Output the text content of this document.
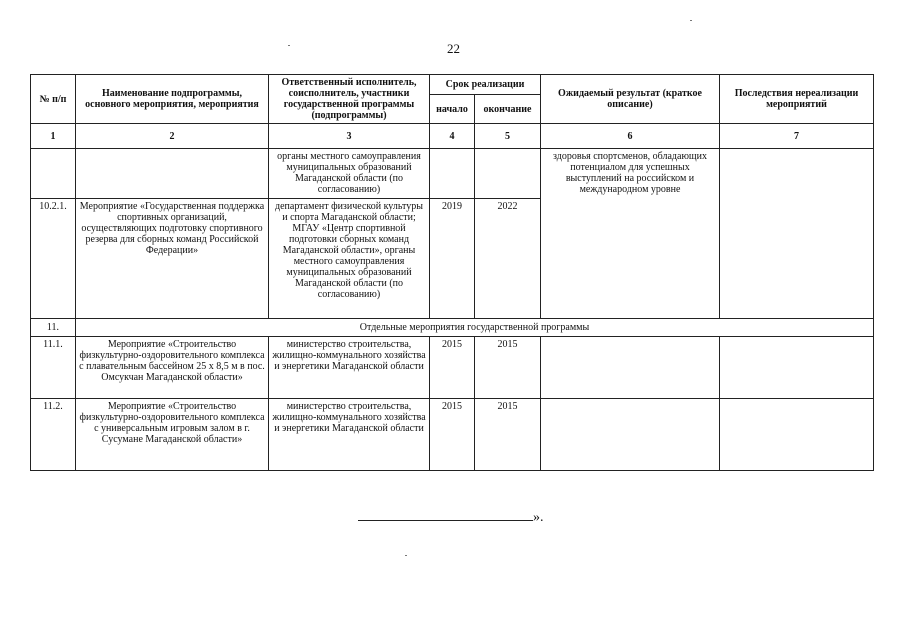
22
№ п/п	Наименование подпрограммы, основного мероприятия, мероприятия	Ответственный исполнитель, соисполнитель, участники государственной программы (подпрограммы)	Срок реализации		Ожидаемый результат (краткое описание)	Последствия нереализации мероприятий
			начало	окончание		
1	2	3	4	5	6	7
		органы местного самоуправления муниципальных образований Магаданской области (по согласованию)			здоровья спортсменов, обладающих потенциалом для успешных выступлений на российском и международном уровне	
10.2.1.	Мероприятие «Государственная поддержка спортивных организаций, осуществляющих подготовку спортивного резерва для сборных команд Российской Федерации»	департамент физической культуры и спорта Магаданской области; МГАУ «Центр спортивной подготовки сборных команд Магаданской области», органы местного самоуправления муниципальных образований Магаданской области (по согласованию)	2019	2022		
11.	Отдельные мероприятия государственной программы					
11.1.	Мероприятие «Строительство физкультурно-оздоровительного комплекса с плавательным бассейном 25 х 8,5 м в пос. Омсукчан Магаданской области»	министерство строительства, жилищно-коммунального хозяйства и энергетики Магаданской области	2015	2015		
11.2.	Мероприятие «Строительство физкультурно-оздоровительного комплекса с универсальным игровым залом в г. Сусумане Магаданской области»	министерство строительства, жилищно-коммунального хозяйства и энергетики Магаданской области	2015	2015		
».
